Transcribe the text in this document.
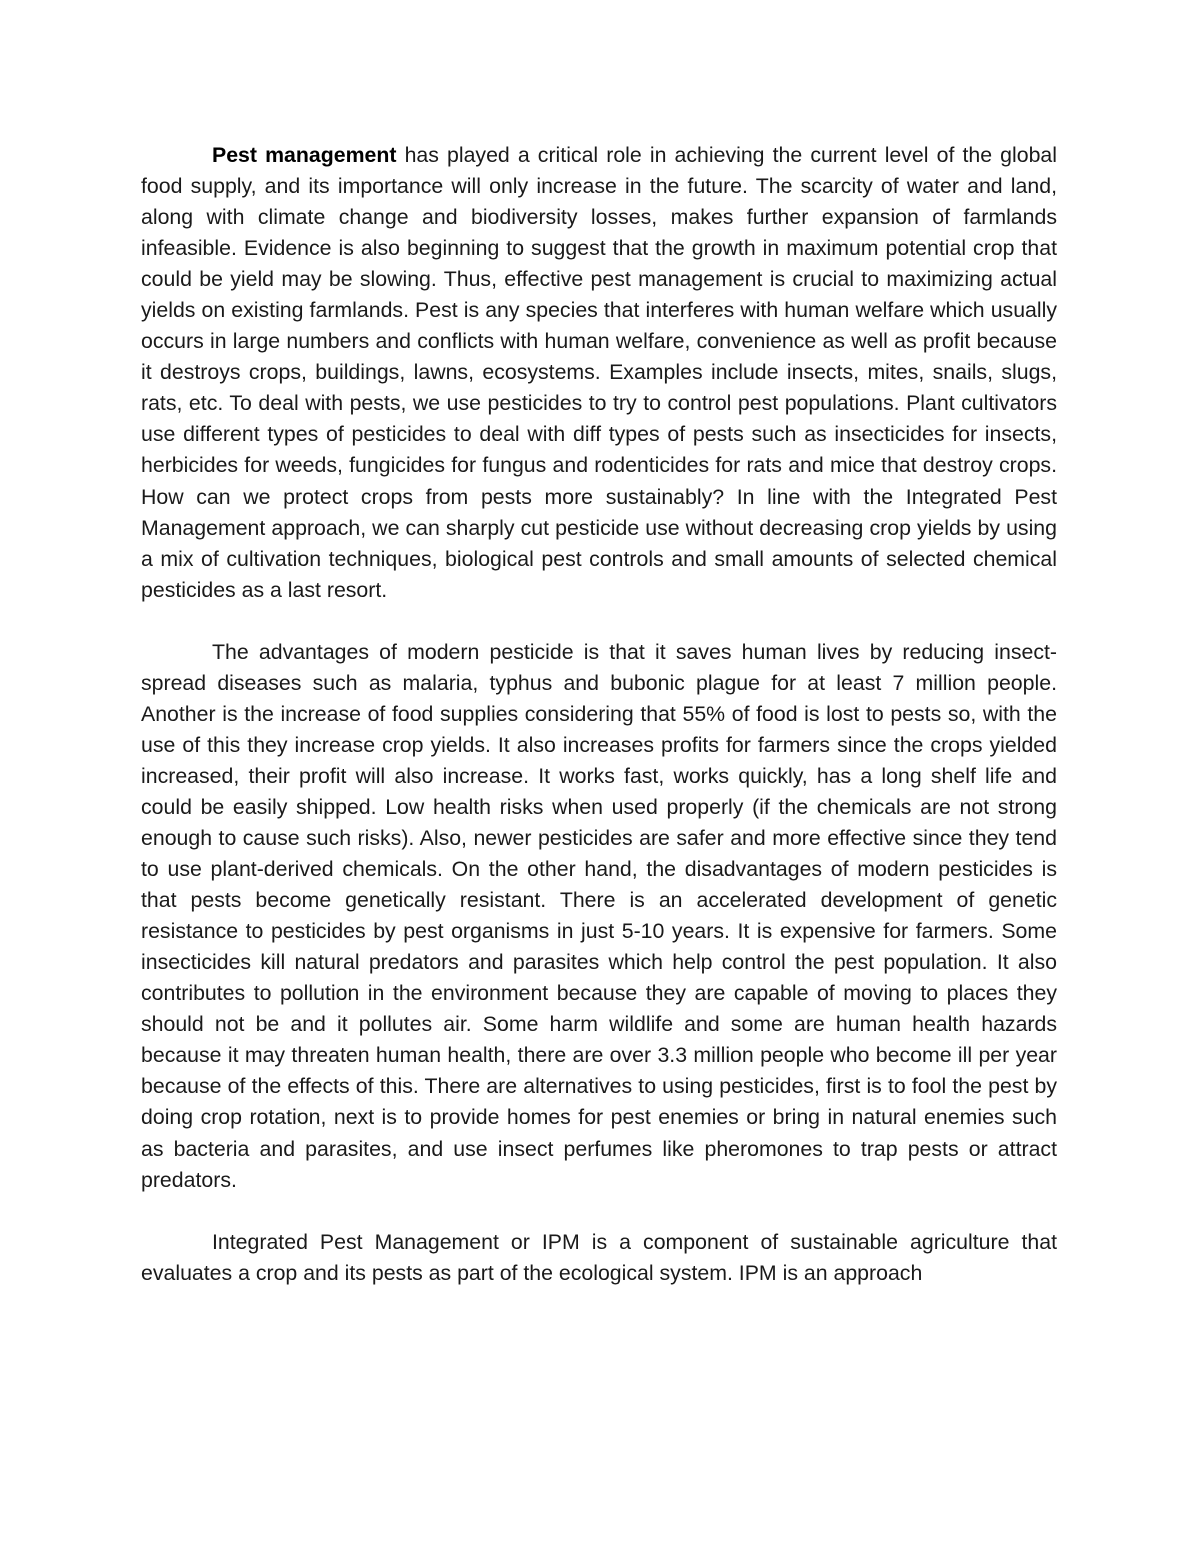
Pest management has played a critical role in achieving the current level of the global food supply, and its importance will only increase in the future. The scarcity of water and land, along with climate change and biodiversity losses, makes further expansion of farmlands infeasible. Evidence is also beginning to suggest that the growth in maximum potential crop that could be yield may be slowing. Thus, effective pest management is crucial to maximizing actual yields on existing farmlands. Pest is any species that interferes with human welfare which usually occurs in large numbers and conflicts with human welfare, convenience as well as profit because it destroys crops, buildings, lawns, ecosystems. Examples include insects, mites, snails, slugs, rats, etc. To deal with pests, we use pesticides to try to control pest populations. Plant cultivators use different types of pesticides to deal with diff types of pests such as insecticides for insects, herbicides for weeds, fungicides for fungus and rodenticides for rats and mice that destroy crops. How can we protect crops from pests more sustainably? In line with the Integrated Pest Management approach, we can sharply cut pesticide use without decreasing crop yields by using a mix of cultivation techniques, biological pest controls and small amounts of selected chemical pesticides as a last resort.

The advantages of modern pesticide is that it saves human lives by reducing insect-spread diseases such as malaria, typhus and bubonic plague for at least 7 million people. Another is the increase of food supplies considering that 55% of food is lost to pests so, with the use of this they increase crop yields. It also increases profits for farmers since the crops yielded increased, their profit will also increase. It works fast, works quickly, has a long shelf life and could be easily shipped. Low health risks when used properly (if the chemicals are not strong enough to cause such risks). Also, newer pesticides are safer and more effective since they tend to use plant-derived chemicals. On the other hand, the disadvantages of modern pesticides is that pests become genetically resistant. There is an accelerated development of genetic resistance to pesticides by pest organisms in just 5-10 years. It is expensive for farmers. Some insecticides kill natural predators and parasites which help control the pest population. It also contributes to pollution in the environment because they are capable of moving to places they should not be and it pollutes air. Some harm wildlife and some are human health hazards because it may threaten human health, there are over 3.3 million people who become ill per year because of the effects of this. There are alternatives to using pesticides, first is to fool the pest by doing crop rotation, next is to provide homes for pest enemies or bring in natural enemies such as bacteria and parasites, and use insect perfumes like pheromones to trap pests or attract predators.

Integrated Pest Management or IPM is a component of sustainable agriculture that evaluates a crop and its pests as part of the ecological system. IPM is an approach
